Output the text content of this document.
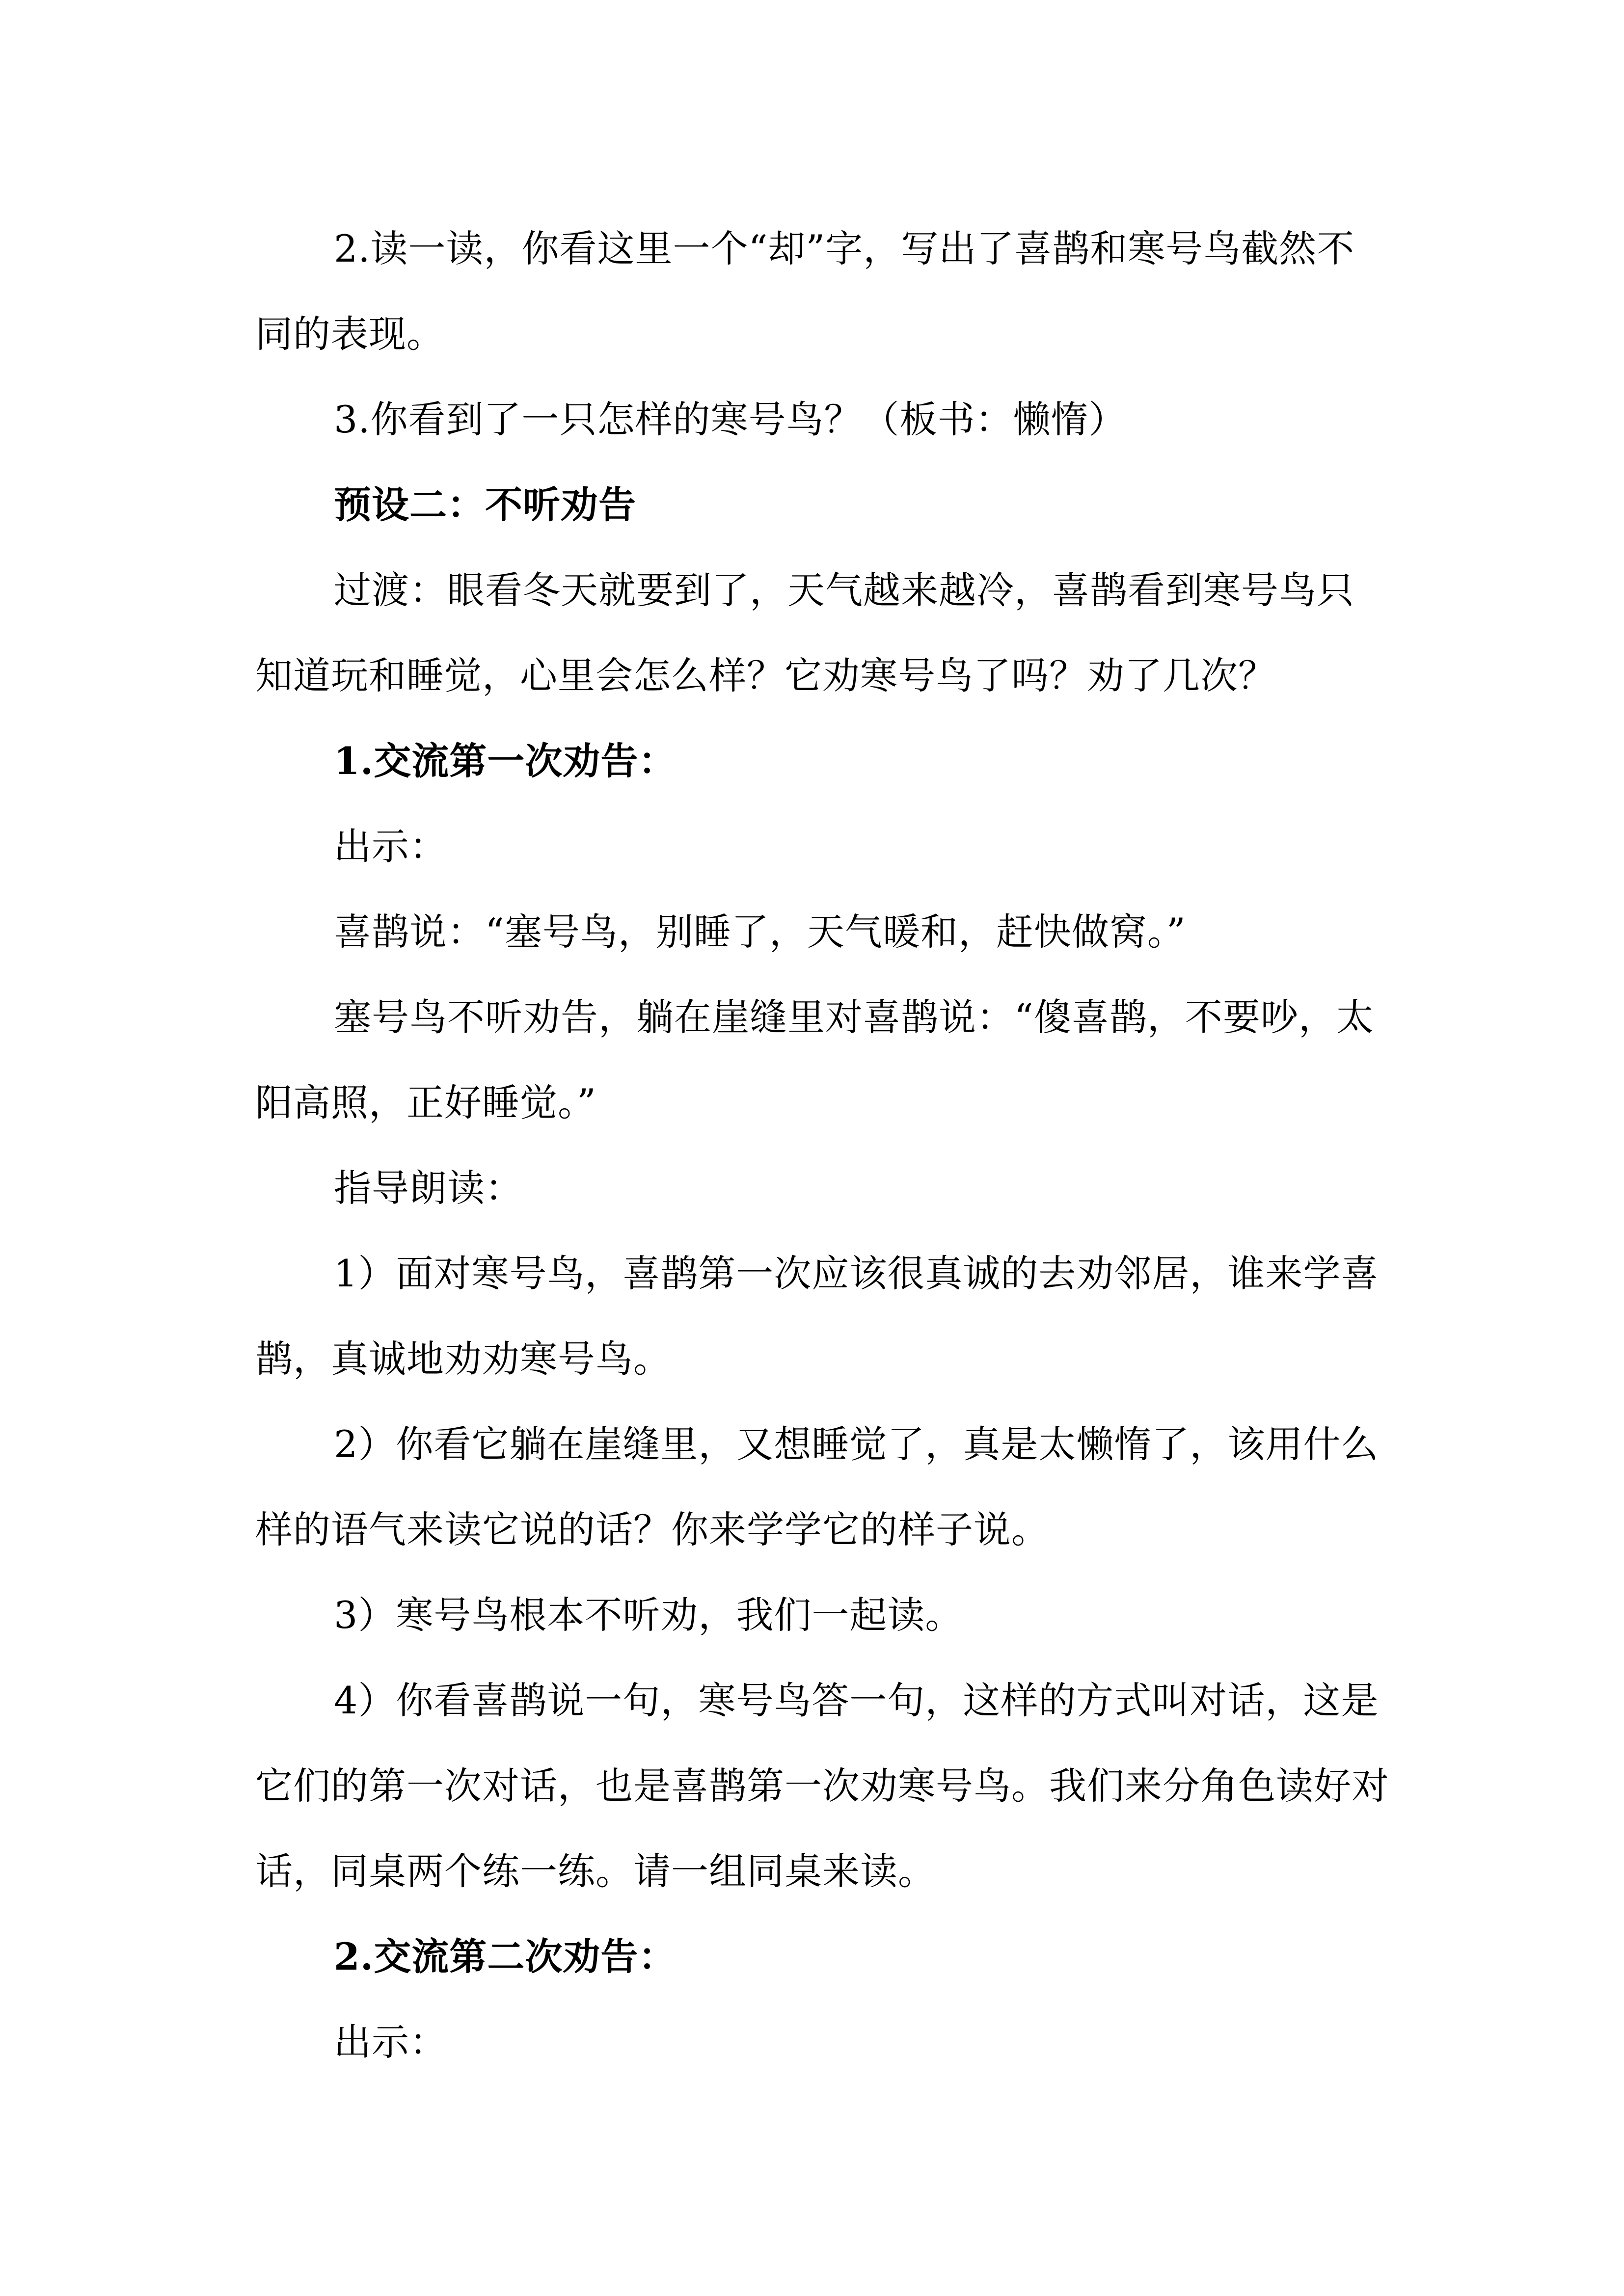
2.读一读，你看这里一个“却”字，写出了喜鹊和寒号鸟截然不同的表现。

3.你看到了一只怎样的寒号鸟？（板书：懒惰）

预设二：不听劝告

过渡：眼看冬天就要到了，天气越来越冷，喜鹊看到寒号鸟只知道玩和睡觉，心里会怎么样？它劝寒号鸟了吗？劝了几次？

1.交流第一次劝告：

出示：

喜鹊说：“塞号鸟，别睡了，天气暖和，赶快做窝。”

塞号鸟不听劝告，躺在崖缝里对喜鹊说：“傻喜鹊，不要吵，太阳高照，正好睡觉。”

指导朗读：

1）面对寒号鸟，喜鹊第一次应该很真诚的去劝邻居，谁来学喜鹊，真诚地劝劝寒号鸟。

2）你看它躺在崖缝里，又想睡觉了，真是太懒惰了，该用什么样的语气来读它说的话？你来学学它的样子说。

3）寒号鸟根本不听劝，我们一起读。

4）你看喜鹊说一句，寒号鸟答一句，这样的方式叫对话，这是它们的第一次对话，也是喜鹊第一次劝寒号鸟。我们来分角色读好对话，同桌两个练一练。请一组同桌来读。

2.交流第二次劝告：

出示：
